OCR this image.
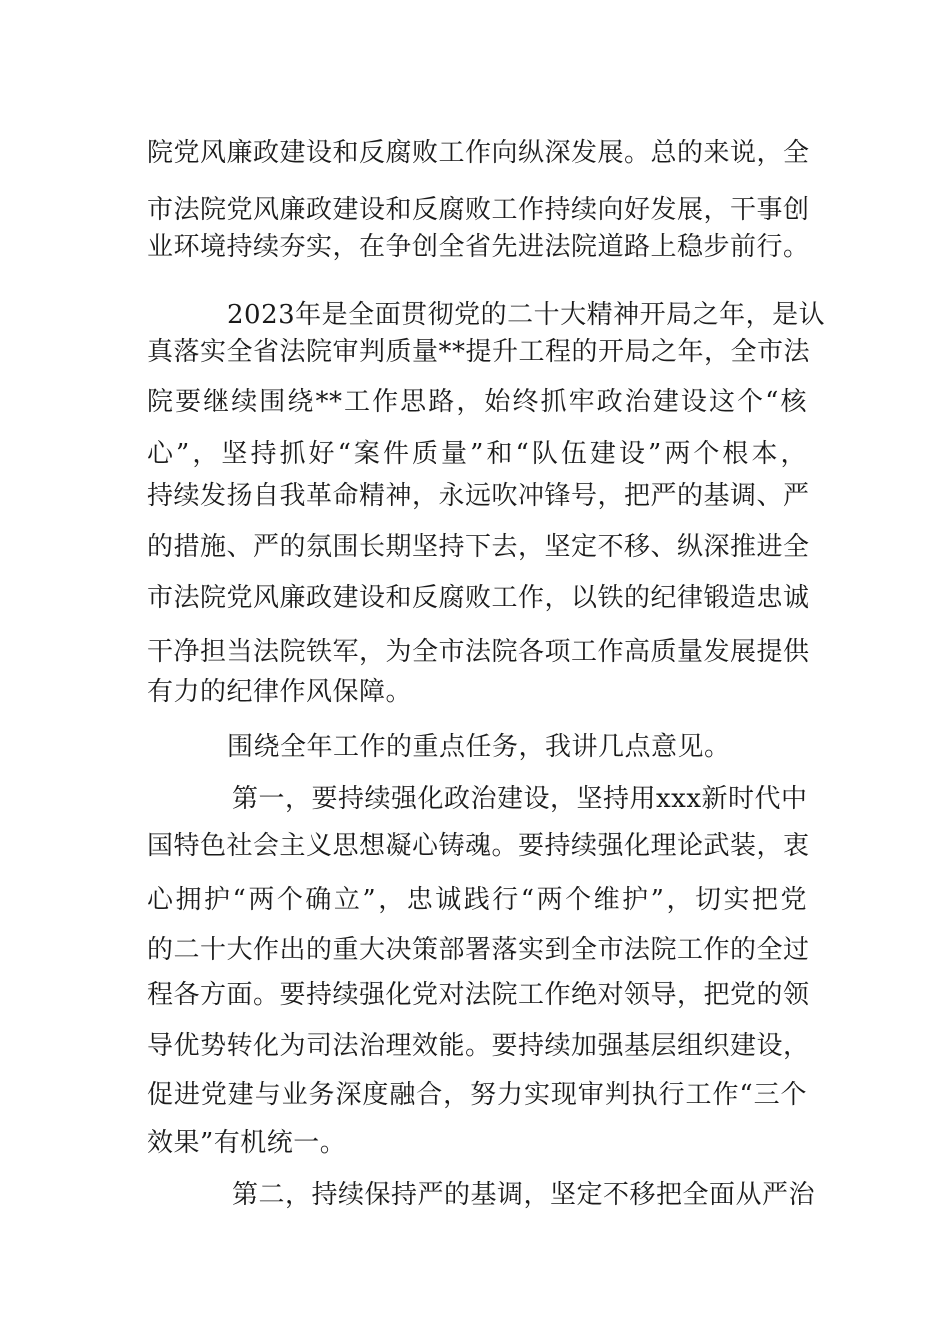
院党风廉政建设和反腐败工作向纵深发展。总的来说，全
市法院党风廉政建设和反腐败工作持续向好发展，干事创
业环境持续夯实，在争创全省先进法院道路上稳步前行。
2023年是全面贯彻党的二十大精神开局之年，是认
真落实全省法院审判质量**提升工程的开局之年，全市法
院要继续围绕**工作思路，始终抓牢政治建设这个“核
心”，坚持抓好“案件质量”和“队伍建设”两个根本，
持续发扬自我革命精神，永远吹冲锋号，把严的基调、严
的措施、严的氛围长期坚持下去，坚定不移、纵深推进全
市法院党风廉政建设和反腐败工作，以铁的纪律锻造忠诚
干净担当法院铁军，为全市法院各项工作高质量发展提供
有力的纪律作风保障。
围绕全年工作的重点任务，我讲几点意见。
第一，要持续强化政治建设，坚持用xxx新时代中
国特色社会主义思想凝心铸魂。要持续强化理论武装，衷
心拥护“两个确立”，忠诚践行“两个维护”，切实把党
的二十大作出的重大决策部署落实到全市法院工作的全过
程各方面。要持续强化党对法院工作绝对领导，把党的领
导优势转化为司法治理效能。要持续加强基层组织建设，
促进党建与业务深度融合，努力实现审判执行工作“三个
效果”有机统一。
第二，持续保持严的基调，坚定不移把全面从严治
